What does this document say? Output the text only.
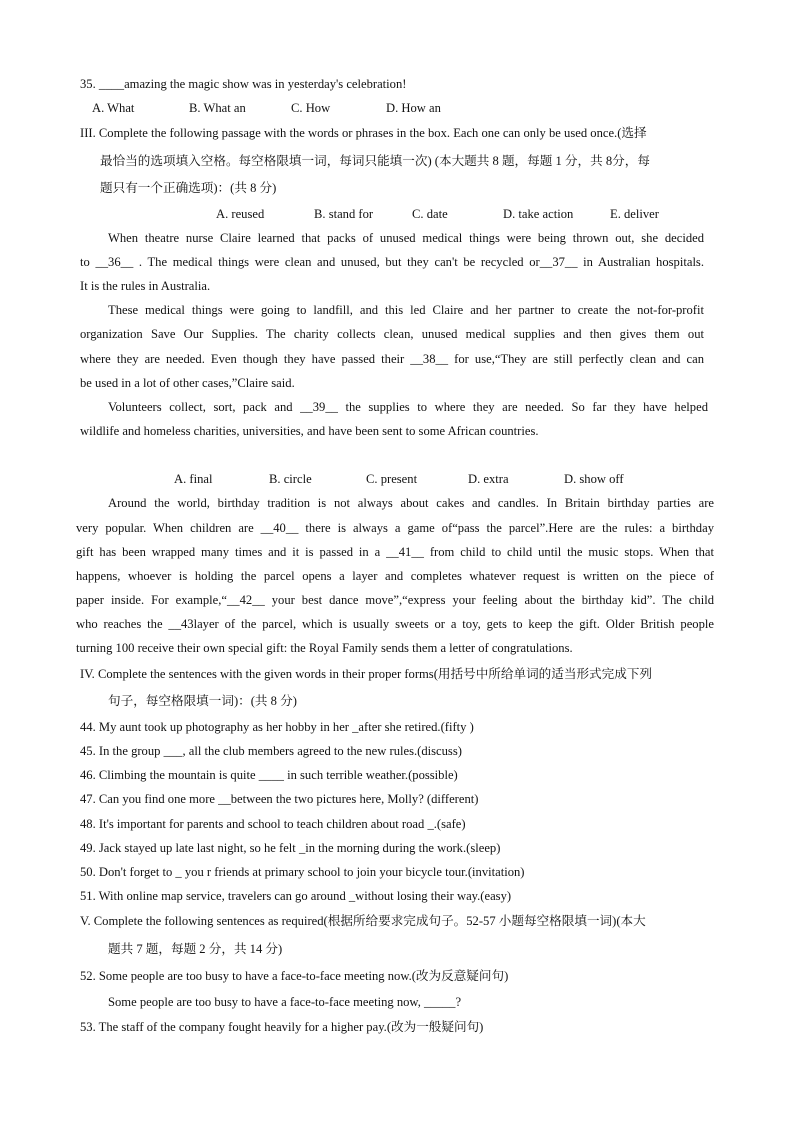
35. ____amazing the magic show was in yesterday's celebration!
A. What	B. What an	C. How	D. How an
III. Complete the following passage with the words or phrases in the box. Each one can only be used once.(选择
最恰当的选项填入空格。每空格限填一词，每词只能填一次) (本大题共 8 题，每题 1 分，共 8分，每
题只有一个正确选项)：(共 8 分)
A. reused	B. stand for	C. date	D. take action	E. deliver
When theatre nurse Claire learned that packs of unused medical things were being thrown out, she decided
to __36__ . The medical things were clean and unused, but they can't be recycled or__37__ in Australian hospitals.
It is the rules in Australia.
These medical things were going to landfill, and this led Claire and her partner to create the not-for-profit
organization Save Our Supplies. The charity collects clean, unused medical supplies and then gives them out
where they are needed. Even though they have passed their __38__ for use,“They are still perfectly clean and can
be used in a lot of other cases,”Claire said.
Volunteers collect, sort, pack and __39__ the supplies to where they are needed. So far they have helped
wildlife and homeless charities, universities, and have been sent to some African countries.
A. final	B. circle	C. present	D. extra	D. show off
Around the world, birthday tradition is not always about cakes and candles. In Britain birthday parties are
very popular. When children are __40__ there is always a game of“pass the parcel”.Here are the rules: a birthday
gift has been wrapped many times and it is passed in a __41__ from child to child until the music stops. When that
happens, whoever is holding the parcel opens a layer and completes whatever request is written on the piece of
paper inside. For example,“__42__ your best dance move”,“express your feeling about the birthday kid”. The child
who reaches the __43layer of the parcel, which is usually sweets or a toy, gets to keep the gift. Older British people
turning 100 receive their own special gift: the Royal Family sends them a letter of congratulations.
IV. Complete the sentences with the given words in their proper forms(用括号中所给单词的适当形式完成下列
句子，每空格限填一词)：(共 8 分)
44. My aunt took up photography as her hobby in her _after she retired.(fifty )
45. In the group ___, all the club members agreed to the new rules.(discuss)
46. Climbing the mountain is quite ____ in such terrible weather.(possible)
47. Can you find one more __between the two pictures here, Molly? (different)
48. It's important for parents and school to teach children about road _.(safe)
49. Jack stayed up late last night, so he felt _in the morning during the work.(sleep)
50. Don't forget to _ you r friends at primary school to join your bicycle tour.(invitation)
51. With online map service, travelers can go around _without losing their way.(easy)
V. Complete the following sentences as required(根据所给要求完成句子。52-57 小题每空格限填一词)(本大
题共 7 题，每题 2 分，共 14 分)
52. Some people are too busy to have a face-to-face meeting now.(改为反意疑问句)
Some people are too busy to have a face-to-face meeting now, _____?
53. The staff of the company fought heavily for a higher pay.(改为一般疑问句)
